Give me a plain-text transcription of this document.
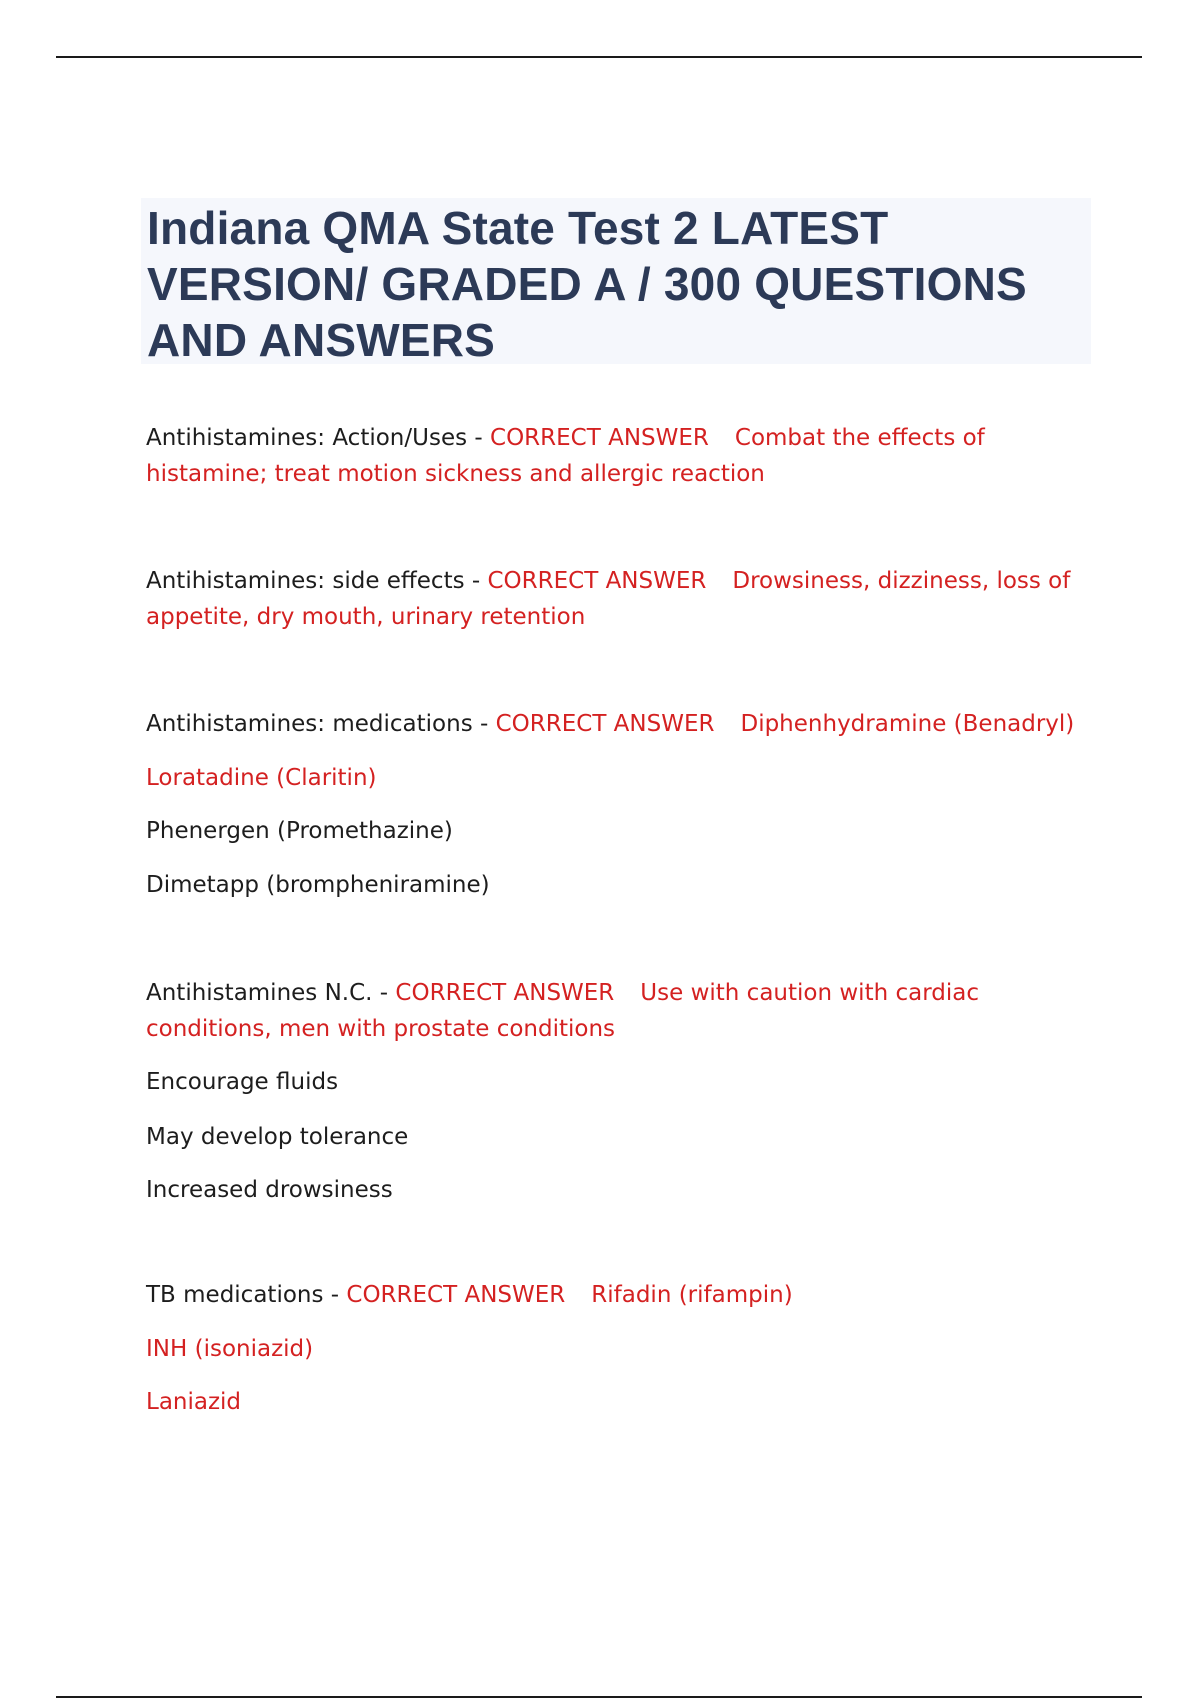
Indiana QMA State Test 2 LATEST
VERSION/ GRADED A / 300 QUESTIONS
AND ANSWERS
Antihistamines: Action/Uses - CORRECT ANSWER Combat the effects of
histamine; treat motion sickness and allergic reaction
Antihistamines: side effects - CORRECT ANSWER Drowsiness, dizziness, loss of
appetite, dry mouth, urinary retention
Antihistamines: medications - CORRECT ANSWER Diphenhydramine (Benadryl)
Loratadine (Claritin)
Phenergen (Promethazine)
Dimetapp (brompheniramine)
Antihistamines N.C. - CORRECT ANSWER Use with caution with cardiac
conditions, men with prostate conditions
Encourage fluids
May develop tolerance
Increased drowsiness
TB medications - CORRECT ANSWER Rifadin (rifampin)
INH (isoniazid)
Laniazid
